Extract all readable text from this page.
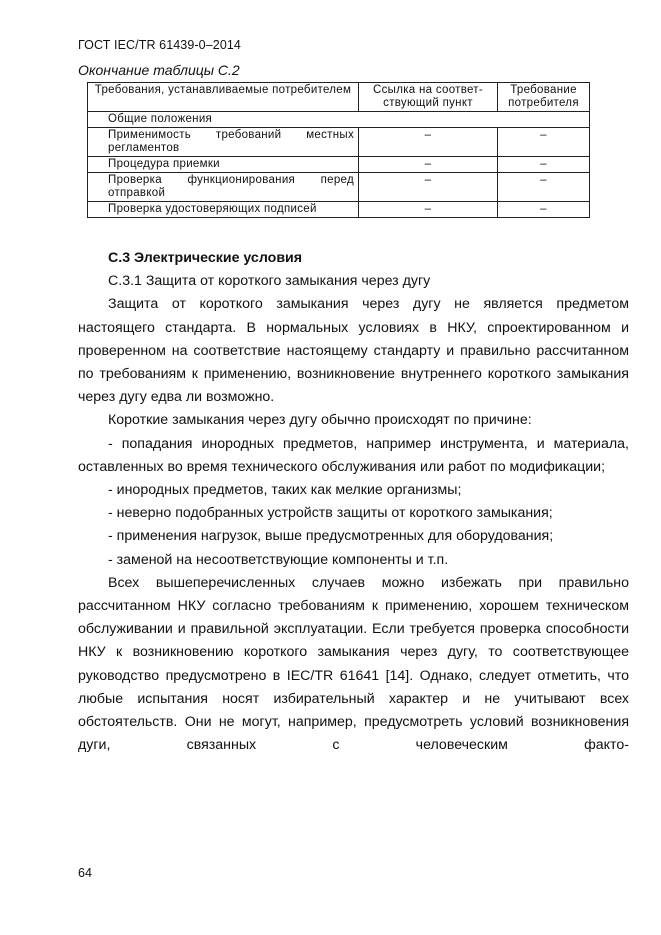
ГОСТ IEC/TR 61439-0–2014
Окончание таблицы С.2
Требования, устанавливаемые потребителем	Ссылка на соответ-ствующий пункт	Требование потребителя
Общие положения		
Применимость требований местных регламентов	–	–
Процедура приемки	–	–
Проверка функционирования перед отправкой	–	–
Проверка удостоверяющих подписей	–	–

С.3 Электрические условия

С.3.1 Защита от короткого замыкания через дугу

Защита от короткого замыкания через дугу не является предметом настоящего стандарта. В нормальных условиях в НКУ, спроектированном и проверенном на соответствие настоящему стандарту и правильно рассчитанном по требованиям к применению, возникновение внутреннего короткого замыкания через дугу едва ли возможно.

Короткие замыкания через дугу обычно происходят по причине:

- попадания инородных предметов, например инструмента, и материала, оставленных во время технического обслуживания или работ по модификации;

- инородных предметов, таких как мелкие организмы;

- неверно подобранных устройств защиты от короткого замыкания;

- применения нагрузок, выше предусмотренных для оборудования;

- заменой на несоответствующие компоненты и т.п.

Всех вышеперечисленных случаев можно избежать при правильно рассчитанном НКУ согласно требованиям к применению, хорошем техническом обслуживании и правильной эксплуатации. Если требуется проверка способности НКУ к возникновению короткого замыкания через дугу, то соответствующее руководство предусмотрено в IEC/TR 61641 [14]. Однако, следует отметить, что любые испытания носят избирательный характер и не учитывают всех обстоятельств. Они не могут, например, предусмотреть условий возникновения дуги, связанных с человеческим факто-

64
